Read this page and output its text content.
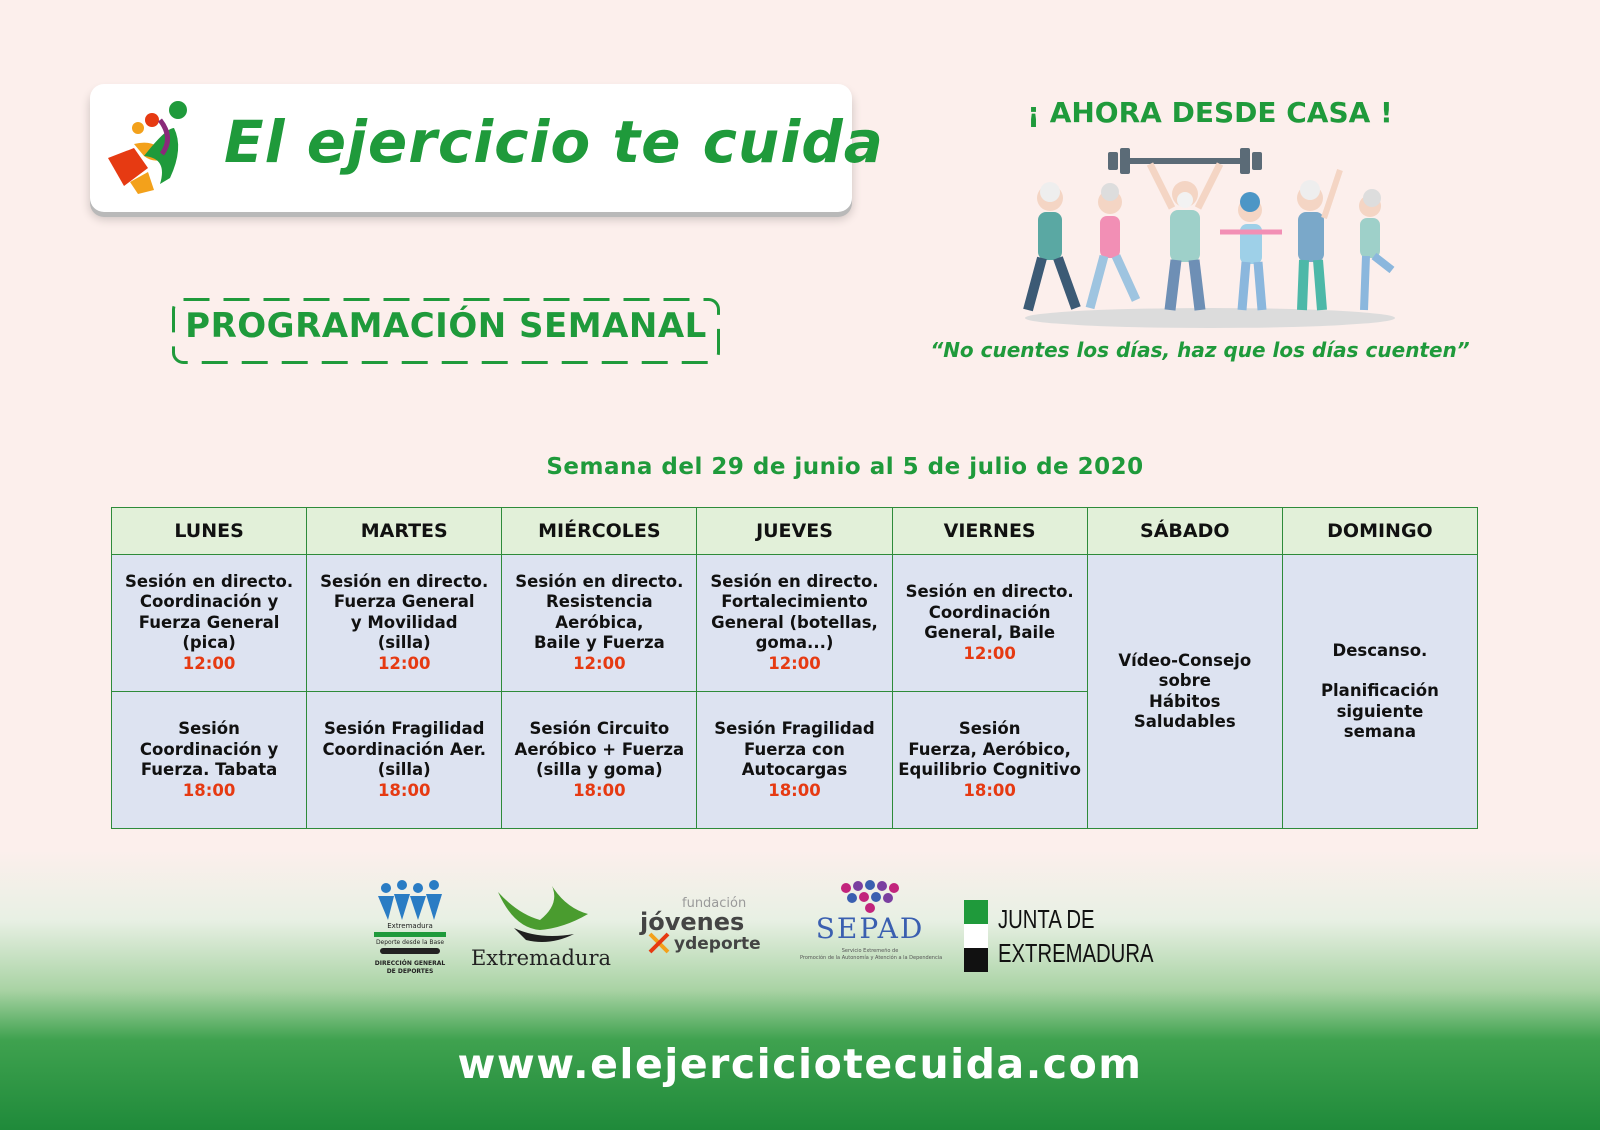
El ejercicio te cuida
PROGRAMACIÓN SEMANAL
¡ AHORA DESDE CASA !
“No cuentes los días, haz que los días cuenten”
Semana del 29 de junio al 5 de julio de 2020
LUNES	MARTES	MIÉRCOLES	JUEVES	VIERNES	SÁBADO	DOMINGO

Sesión en directo.
Coordinación y
Fuerza General
(pica)
12:00	Sesión en directo.
Fuerza General
y Movilidad
(silla)
12:00	Sesión en directo.
Resistencia
Aeróbica,
Baile y Fuerza
12:00	Sesión en directo.
Fortalecimiento
General (botellas,
goma...)
12:00	Sesión en directo.
Coordinación
General, Baile
12:00	Vídeo-Consejo
sobre
Hábitos
Saludables	Descanso.
Planificación
siguiente
semana

Sesión
Coordinación y
Fuerza. Tabata
18:00	Sesión Fragilidad
Coordinación Aer.
(silla)
18:00	Sesión Circuito
Aeróbico + Fuerza
(silla y goma)
18:00	Sesión Fragilidad
Fuerza con
Autocargas
18:00	Sesión
Fuerza, Aeróbico,
Equilibrio Cognitivo
18:00		
Extremadura
Deporte desde la Base
DIRECCIÓN GENERAL
DE DEPORTES
Extremadura
fundación
jóvenes
ydeporte	SEPAD
Servicio Extremeño de
Promoción de la Autonomía y Atención a la Dependencia
JUNTA DE
EXTREMADURA
www.elejerciciotecuida.com
